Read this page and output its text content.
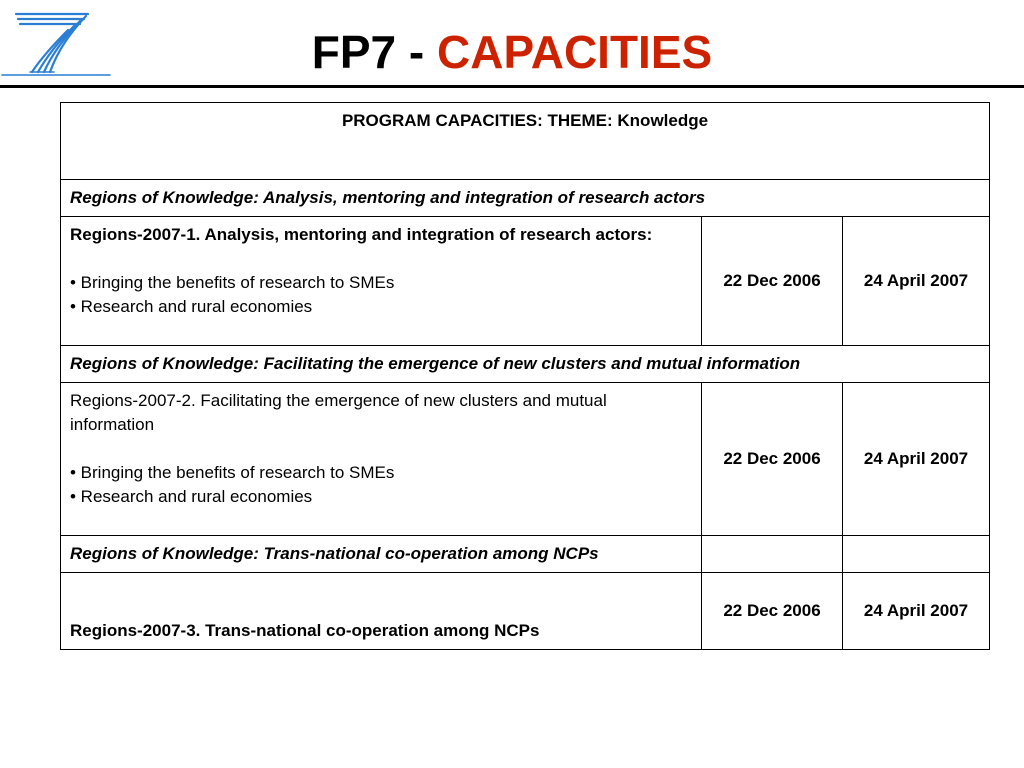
FP7 - CAPACITIES
PROGRAM CAPACITIES: THEME: Knowledge		
Regions of Knowledge: Analysis, mentoring and integration of research actors		

Regions-2007-1. Analysis, mentoring and integration of research actors:
• Bringing the benefits of research to SMEs
• Research and rural economies	22 Dec 2006	24 April 2007
Regions of Knowledge: Facilitating the emergence of new clusters and mutual information		

Regions-2007-2. Facilitating the emergence of new clusters and mutual information
• Bringing the benefits of research to SMEs
• Research and rural economies	22 Dec 2006	24 April 2007
Regions of Knowledge: Trans-national co-operation among NCPs		
Regions-2007-3. Trans-national co-operation among NCPs	22 Dec 2006	24 April 2007
